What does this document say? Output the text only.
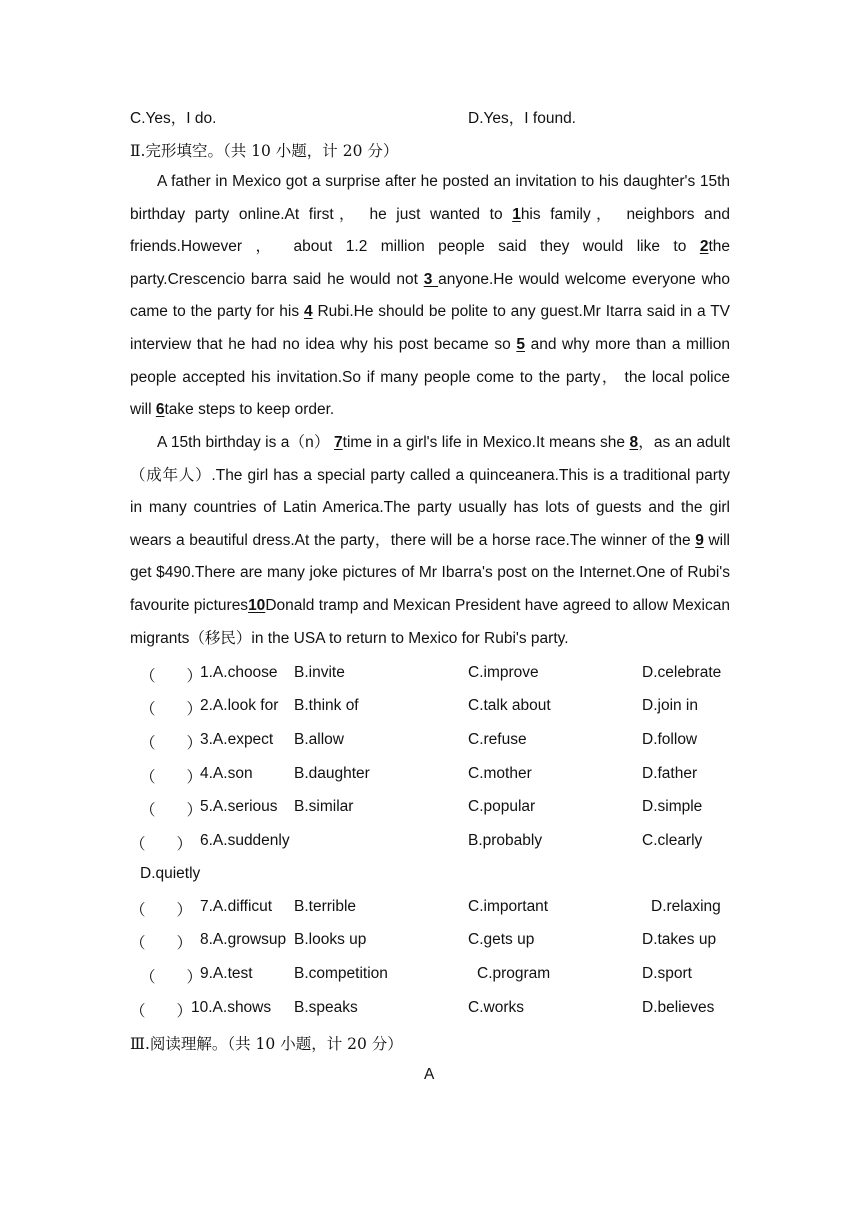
C.Yes，I do.	D.Yes，I found.
Ⅱ.完形填空。（共 10 小题，计 20 分）

A father in Mexico got a surprise after he posted an invitation to his daughter's 15th birthday party online.At first， he just wanted to 1his family， neighbors and friends.However ， about 1.2 million people said they would like to 2the party.Crescencio barra said he would not 3 anyone.He would welcome everyone who came to the party for his 4 Rubi.He should be polite to any guest.Mr Itarra said in a TV interview that he had no idea why his post became so 5 and why more than a million people accepted his invitation.So if many people come to the party， the local police will 6take steps to keep order.

A 15th birthday is a（n） 7time in a girl's life in Mexico.It means she 8，as an adult（成年人）.The girl has a special party called a quinceanera.This is a traditional party in many countries of Latin America.The party usually has lots of guests and the girl wears a beautiful dress.At the party，there will be a horse race.The winner of the 9 will get $490.There are many joke pictures of Mr Ibarra's post on the Internet.One of Rubi's favourite pictures10Donald tramp and Mexican President have agreed to allow Mexican migrants（移民）in the USA to return to Mexico for Rubi's party.

（　　）
1.A.choose B.invite	C.improve	D.celebrate
（　　）
2.A.look for B.think of	C.talk about	D.join in
（　　）
3.A.expect B.allow	C.refuse	D.follow
（　　）
4.A.son	B.daughter	C.mother	D.father
（　　）
5.A.serious B.similar	C.popular	D.simple
（　　） 6.A.suddenly	B.probably	C.clearly
D.quietly
（　　） 7.A.difficut B.terrible	C.important	D.relaxing
（　　） 8.A.growsup B.looks up	C.gets up	D.takes up
（　　）
9.A.test	B.competition	C.program	D.sport
（　　）
10.A.shows B.speaks	C.works	D.believes
Ⅲ.阅读理解。（共 10 小题，计 20 分）
A
